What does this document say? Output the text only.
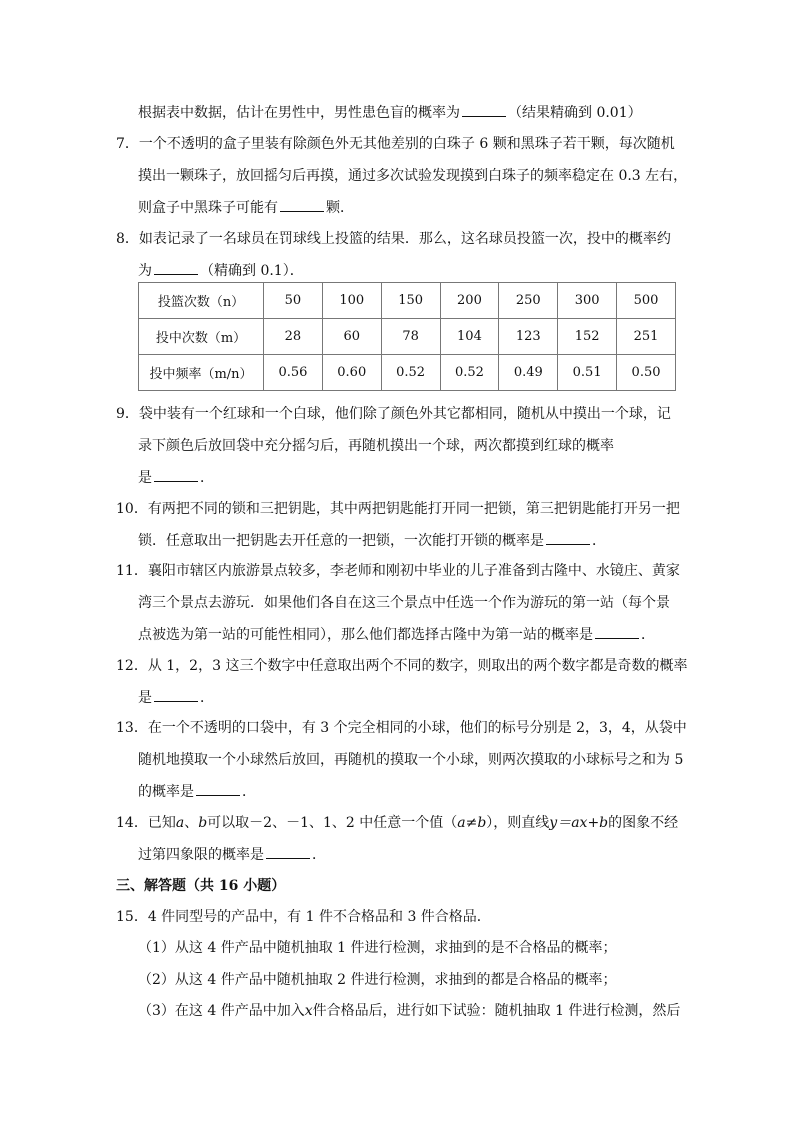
根据表中数据，估计在男性中，男性患色盲的概率为	（结果精确到 0.01）
7．一个不透明的盒子里装有除颜色外无其他差别的白珠子 6 颗和黑珠子若干颗，每次随机
摸出一颗珠子，放回摇匀后再摸，通过多次试验发现摸到白珠子的频率稳定在 0.3 左右，
则盒子中黑珠子可能有	颗．
8．如表记录了一名球员在罚球线上投篮的结果．那么，这名球员投篮一次，投中的概率约
为	（精确到 0.1）．
投篮次数（n）	50	100	150	200	250	300	500
投中次数（m）	28	60	78	104	123	152	251
投中频率（m/n）	0.56	0.60	0.52	0.52	0.49	0.51	0.50
9．袋中装有一个红球和一个白球，他们除了颜色外其它都相同，随机从中摸出一个球，记
录下颜色后放回袋中充分摇匀后，再随机摸出一个球，两次都摸到红球的概率
是	．
10．有两把不同的锁和三把钥匙，其中两把钥匙能打开同一把锁，第三把钥匙能打开另一把
锁．任意取出一把钥匙去开任意的一把锁，一次能打开锁的概率是	．
11．襄阳市辖区内旅游景点较多，李老师和刚初中毕业的儿子准备到古隆中、水镜庄、黄家
湾三个景点去游玩．如果他们各自在这三个景点中任选一个作为游玩的第一站（每个景
点被选为第一站的可能性相同），那么他们都选择古隆中为第一站的概率是	．
12．从 1，2，3 这三个数字中任意取出两个不同的数字，则取出的两个数字都是奇数的概率
是	．
13．在一个不透明的口袋中，有 3 个完全相同的小球，他们的标号分别是 2，3，4，从袋中
随机地摸取一个小球然后放回，再随机的摸取一个小球，则两次摸取的小球标号之和为 5
的概率是	．
14．已知a、b可以取－2、－1、1、2 中任意一个值（a≠b），则直线y＝ax+b的图象不经
过第四象限的概率是	．
三、解答题（共 16 小题）
15．4 件同型号的产品中，有 1 件不合格品和 3 件合格品．
（1）从这 4 件产品中随机抽取 1 件进行检测，求抽到的是不合格品的概率；
（2）从这 4 件产品中随机抽取 2 件进行检测，求抽到的都是合格品的概率；
（3）在这 4 件产品中加入x件合格品后，进行如下试验：随机抽取 1 件进行检测，然后
